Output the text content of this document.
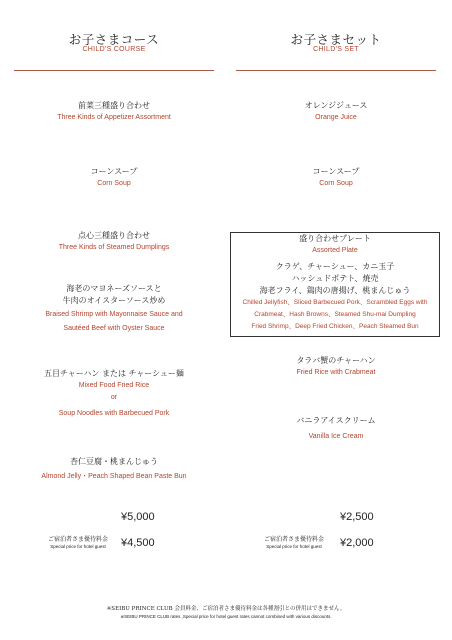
お子さまコース
CHILD'S COURSE
前菜三種盛り合わせ
Three Kinds of Appetizer Assortment
コーンスープ
Corn Soup
点心三種盛り合わせ
Three Kinds of Steamed Dumplings
海老のマヨネーズソースと
牛肉のオイスターソース炒め
Braised Shrimp with Mayonnaise Sauce and
Sautéed Beef with Oyster Sauce
五目チャーハン または チャーシュー麺
Mixed Food Fried Rice
or
Soup Noodles with Barbecued Pork
杏仁豆腐・桃まんじゅう
Almond Jelly・Peach Shaped Bean Paste Bun
¥5,000
ご宿泊者さま優待料金
Special price for hotel guest ¥4,500
お子さまセット
CHILD'S SET
オレンジジュース
Orange Juice
コーンスープ
Corn Soup
タラバ蟹のチャーハン
Fried Rice with Crabmeat
バニラアイスクリーム
Vanilla Ice Cream
盛り合わせプレート
Assorted Plate
クラゲ、チャーシュー、カニ玉子
ハッシュドポテト、焼売
海老フライ、鶏肉の唐揚げ、桃まんじゅう
Chilled Jellyfish、Sliced Barbecued Pork、Scrambled Eggs with
Crabmeat、Hash Browns、Steamed Shu-mai Dumpling
Fried Shrimp、Deep Fried Chicken、Peach Steamed Bun
¥2,500
ご宿泊者さま優待料金
Special price for hotel guest ¥2,000
※SEIBU PRINCE CLUB 会員料金、ご宿泊者さま優待料金は各種割引との併用はできません。
※SEIBU PRINCE CLUB rates ,Special price for hotel guest rates cannot combined with various discounts.
